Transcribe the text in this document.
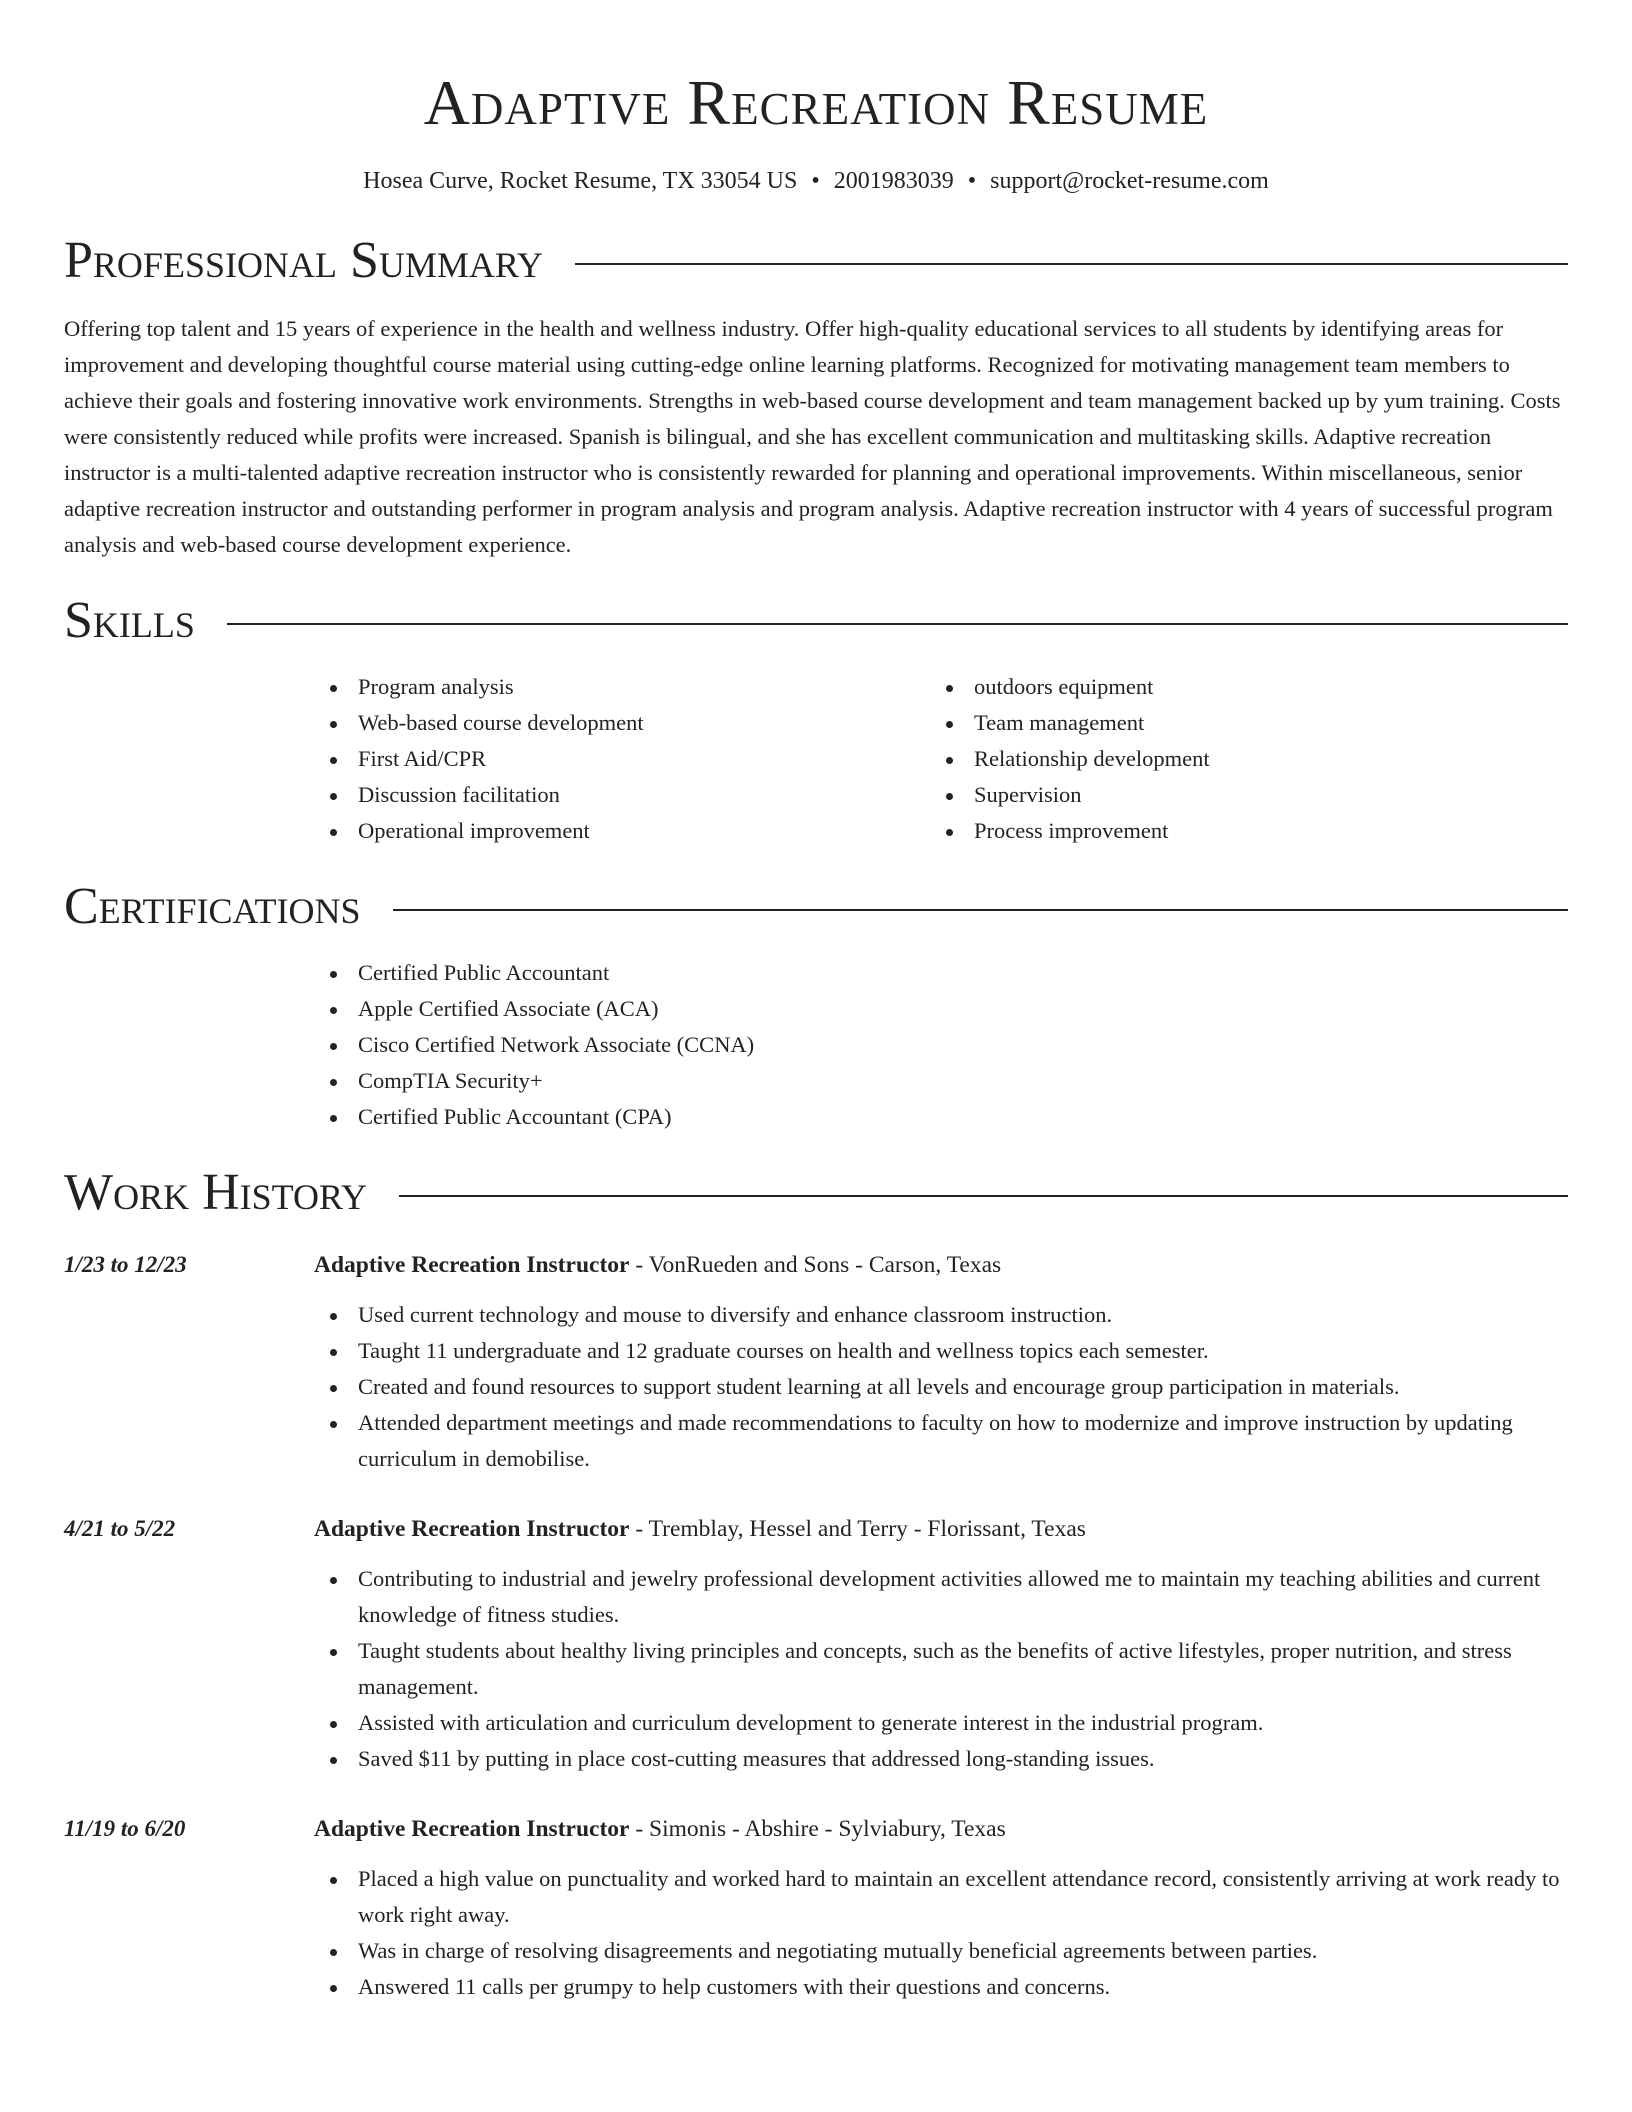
Adaptive Recreation Resume
Hosea Curve, Rocket Resume, TX 33054 US • 2001983039 • support@rocket-resume.com
Professional Summary

Offering top talent and 15 years of experience in the health and wellness industry. Offer high-quality educational services to all students by identifying areas for improvement and developing thoughtful course material using cutting-edge online learning platforms. Recognized for motivating management team members to achieve their goals and fostering innovative work environments. Strengths in web-based course development and team management backed up by yum training. Costs were consistently reduced while profits were increased. Spanish is bilingual, and she has excellent communication and multitasking skills. Adaptive recreation instructor is a multi-talented adaptive recreation instructor who is consistently rewarded for planning and operational improvements. Within miscellaneous, senior adaptive recreation instructor and outstanding performer in program analysis and program analysis. Adaptive recreation instructor with 4 years of successful program analysis and web-based course development experience.

Skills
Program analysis
Web-based course development
First Aid/CPR
Discussion facilitation
Operational improvement
outdoors equipment
Team management
Relationship development
Supervision
Process improvement
Certifications
Certified Public Accountant
Apple Certified Associate (ACA)
Cisco Certified Network Associate (CCNA)
CompTIA Security+
Certified Public Accountant (CPA)
Work History
1/23 to 12/23	Adaptive Recreation Instructor - VonRueden and Sons - Carson, Texas
Used current technology and mouse to diversify and enhance classroom instruction.
Taught 11 undergraduate and 12 graduate courses on health and wellness topics each semester.
Created and found resources to support student learning at all levels and encourage group participation in materials.
Attended department meetings and made recommendations to faculty on how to modernize and improve instruction by updating curriculum in demobilise.
4/21 to 5/22	Adaptive Recreation Instructor - Tremblay, Hessel and Terry - Florissant, Texas
Contributing to industrial and jewelry professional development activities allowed me to maintain my teaching abilities and current knowledge of fitness studies.
Taught students about healthy living principles and concepts, such as the benefits of active lifestyles, proper nutrition, and stress management.
Assisted with articulation and curriculum development to generate interest in the industrial program.
Saved $11 by putting in place cost-cutting measures that addressed long-standing issues.
11/19 to 6/20	Adaptive Recreation Instructor - Simonis - Abshire - Sylviabury, Texas
Placed a high value on punctuality and worked hard to maintain an excellent attendance record, consistently arriving at work ready to work right away.
Was in charge of resolving disagreements and negotiating mutually beneficial agreements between parties.
Answered 11 calls per grumpy to help customers with their questions and concerns.
